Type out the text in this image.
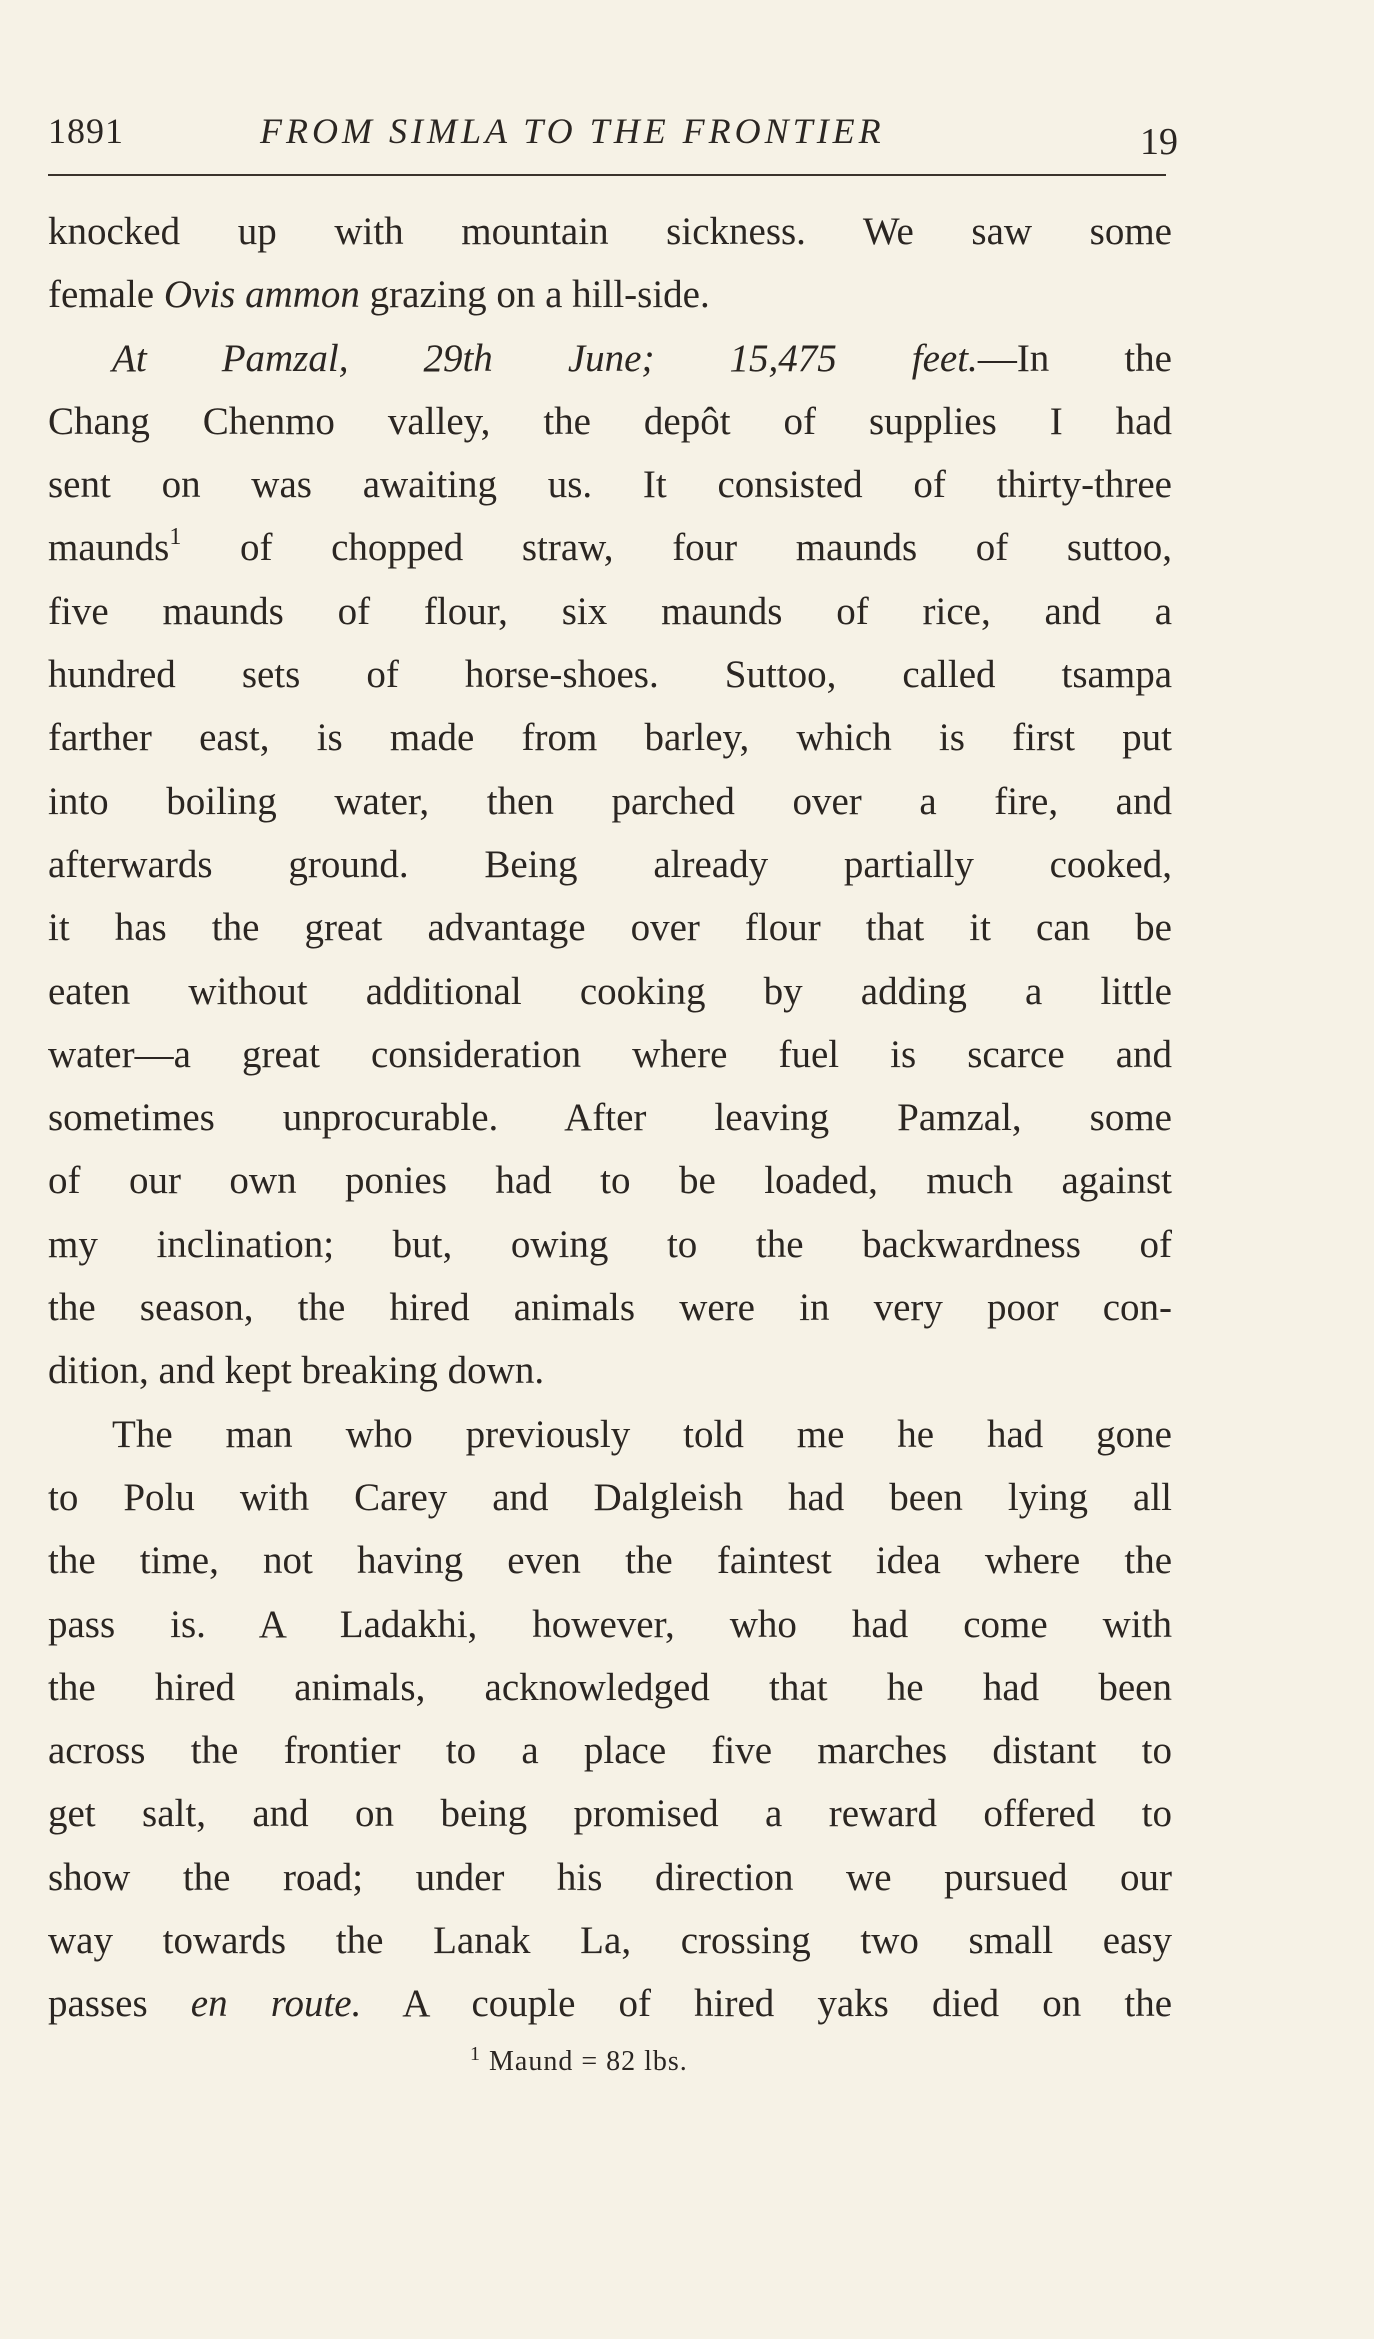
1891	FROM SIMLA TO THE FRONTIER	19
knocked up with mountain sickness. We saw some
female Ovis ammon grazing on a hill-side.
At Pamzal, 29th June; 15,475 feet.—In the
Chang Chenmo valley, the depôt of supplies I had
sent on was awaiting us. It consisted of thirty-three
maunds$^1$ of chopped straw, four maunds of suttoo,
five maunds of flour, six maunds of rice, and a
hundred sets of horse-shoes. Suttoo, called tsampa
farther east, is made from barley, which is first put
into boiling water, then parched over a fire, and
afterwards ground. Being already partially cooked,
it has the great advantage over flour that it can be
eaten without additional cooking by adding a little
water—a great consideration where fuel is scarce and
sometimes unprocurable. After leaving Pamzal, some
of our own ponies had to be loaded, much against
my inclination; but, owing to the backwardness of
the season, the hired animals were in very poor con-
dition, and kept breaking down.
The man who previously told me he had gone
to Polu with Carey and Dalgleish had been lying all
the time, not having even the faintest idea where the
pass is. A Ladakhi, however, who had come with
the hired animals, acknowledged that he had been
across the frontier to a place five marches distant to
get salt, and on being promised a reward offered to
show the road; under his direction we pursued our
way towards the Lanak La, crossing two small easy
passes en route. A couple of hired yaks died on the
$^1$ Maund = 82 lbs.
